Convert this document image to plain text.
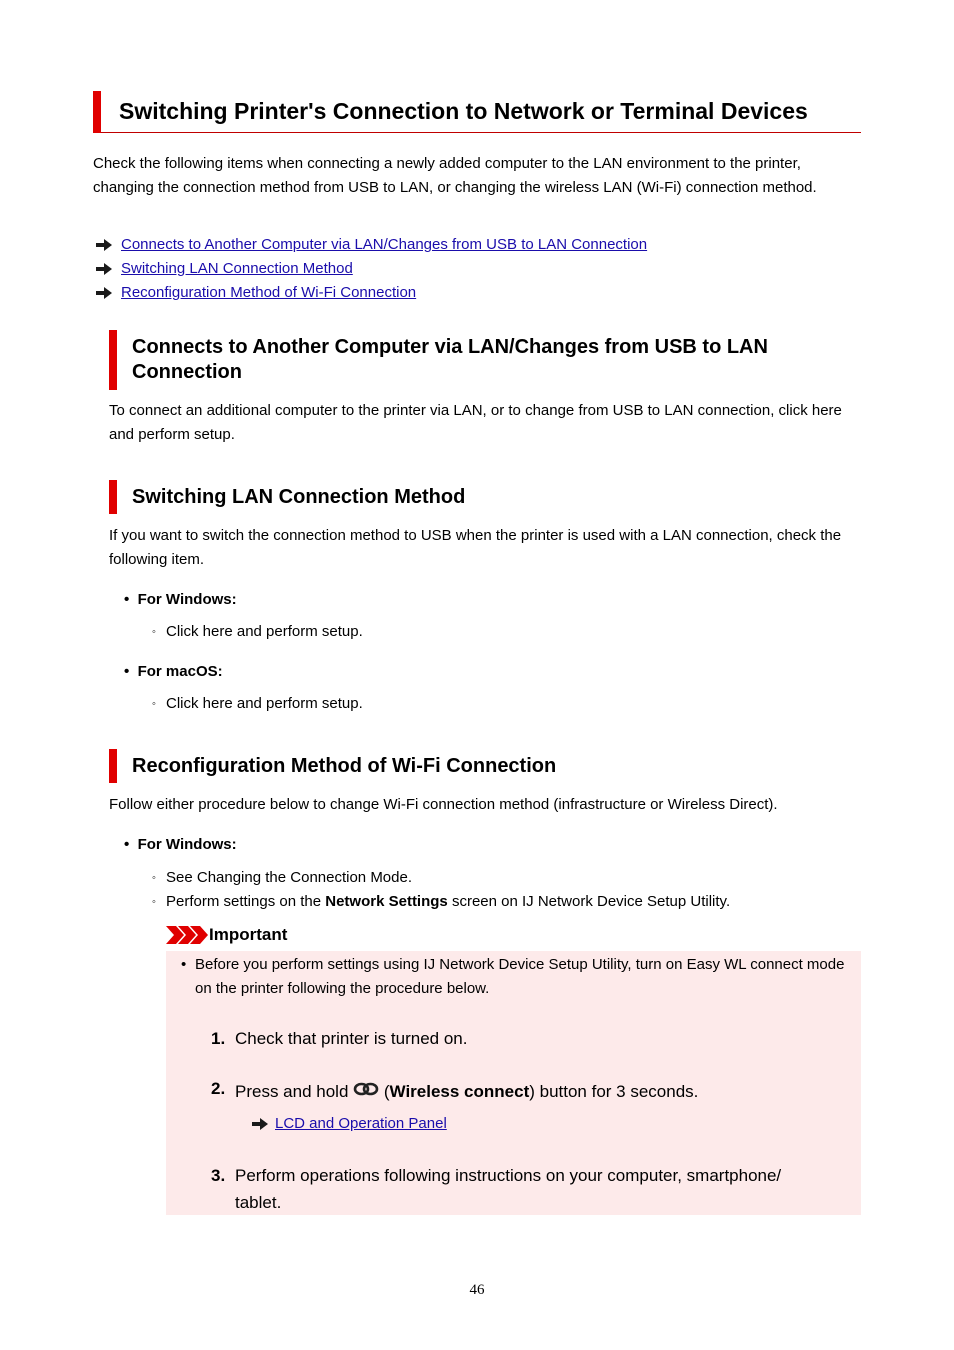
Switching Printer's Connection to Network or Terminal Devices

Check the following items when connecting a newly added computer to the LAN environment to the printer, changing the connection method from USB to LAN, or changing the wireless LAN (Wi-Fi) connection method.

Connects to Another Computer via LAN/Changes from USB to LAN Connection
Switching LAN Connection Method
Reconfiguration Method of Wi-Fi Connection
Connects to Another Computer via LAN/Changes from USB to LAN
Connection

To connect an additional computer to the printer via LAN, or to change from USB to LAN connection, click here and perform setup.

Switching LAN Connection Method

If you want to switch the connection method to USB when the printer is used with a LAN connection, check the following item.

•  For Windows:
◦ Click here and perform setup.
•  For macOS:
◦ Click here and perform setup.
Reconfiguration Method of Wi-Fi Connection

Follow either procedure below to change Wi-Fi connection method (infrastructure or Wireless Direct).

•  For Windows:
◦ See Changing the Connection Mode.
◦ Perform settings on the Network Settings screen on IJ Network Device Setup Utility.
Important
• Before you perform settings using IJ Network Device Setup Utility, turn on Easy WL connect mode on the printer following the procedure below.
1. Check that printer is turned on.
2. Press and hold  (Wireless connect) button for 3 seconds.
LCD and Operation Panel
3. Perform operations following instructions on your computer, smartphone/
tablet.
46
